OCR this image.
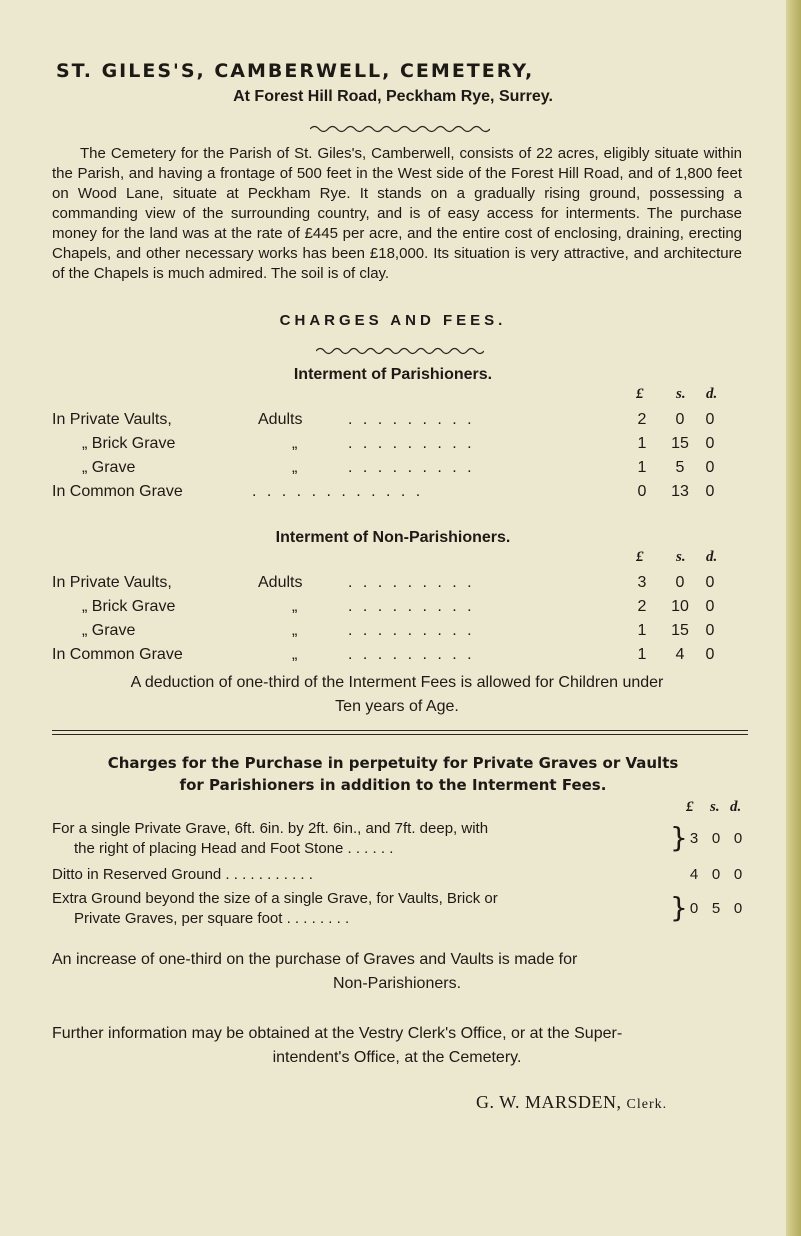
ST. GILES'S, CAMBERWELL, CEMETERY,
At Forest Hill Road, Peckham Rye, Surrey.
The Cemetery for the Parish of St. Giles's, Camberwell, consists of 22 acres, eligibly situate within the Parish, and having a frontage of 500 feet in the West side of the Forest Hill Road, and of 1,800 feet on Wood Lane, situate at Peckham Rye. It stands on a gradually rising ground, possessing a commanding view of the surrounding country, and is of easy access for interments. The purchase money for the land was at the rate of £445 per acre, and the entire cost of enclosing, draining, erecting Chapels, and other necessary works has been £18,000. Its situation is very attractive, and architecture of the Chapels is much admired. The soil is of clay.
CHARGES AND FEES.
Interment of Parishioners.
£ s. d.
In Private Vaults,	Adults	. . . . . . . . .	2	0	0
„ Brick Grave	„	. . . . . . . . .	1	15	0
„ Grave	„	. . . . . . . . .	1	5	0
In Common Grave	. . . . . . . . . . . .	0	13	0
Interment of Non-Parishioners.
£ s. d.
In Private Vaults,	Adults	. . . . . . . . .	3	0	0
„ Brick Grave	„	. . . . . . . . .	2	10	0
„ Grave	„	. . . . . . . . .	1	15	0
In Common Grave	„	. . . . . . . . .	1	4	0
A deduction of one-third of the Interment Fees is allowed for Children under
Ten years of Age.
Charges for the Purchase in perpetuity for Private Graves or Vaults
for Parishioners in addition to the Interment Fees.
£ s. d.
For a single Private Grave, 6ft. 6in. by 2ft. 6in., and 7ft. deep, with
the right of placing Head and Foot Stone . . . . . .	} 3 0 0
Ditto in Reserved Ground . . . . . . . . . . .	4 0 0
Extra Ground beyond the size of a single Grave, for Vaults, Brick or
Private Graves, per square foot . . . . . . . .	} 0 5 0
An increase of one-third on the purchase of Graves and Vaults is made for
Non-Parishioners.
Further information may be obtained at the Vestry Clerk's Office, or at the Super-
intendent's Office, at the Cemetery.
G. W. MARSDEN, Clerk.
